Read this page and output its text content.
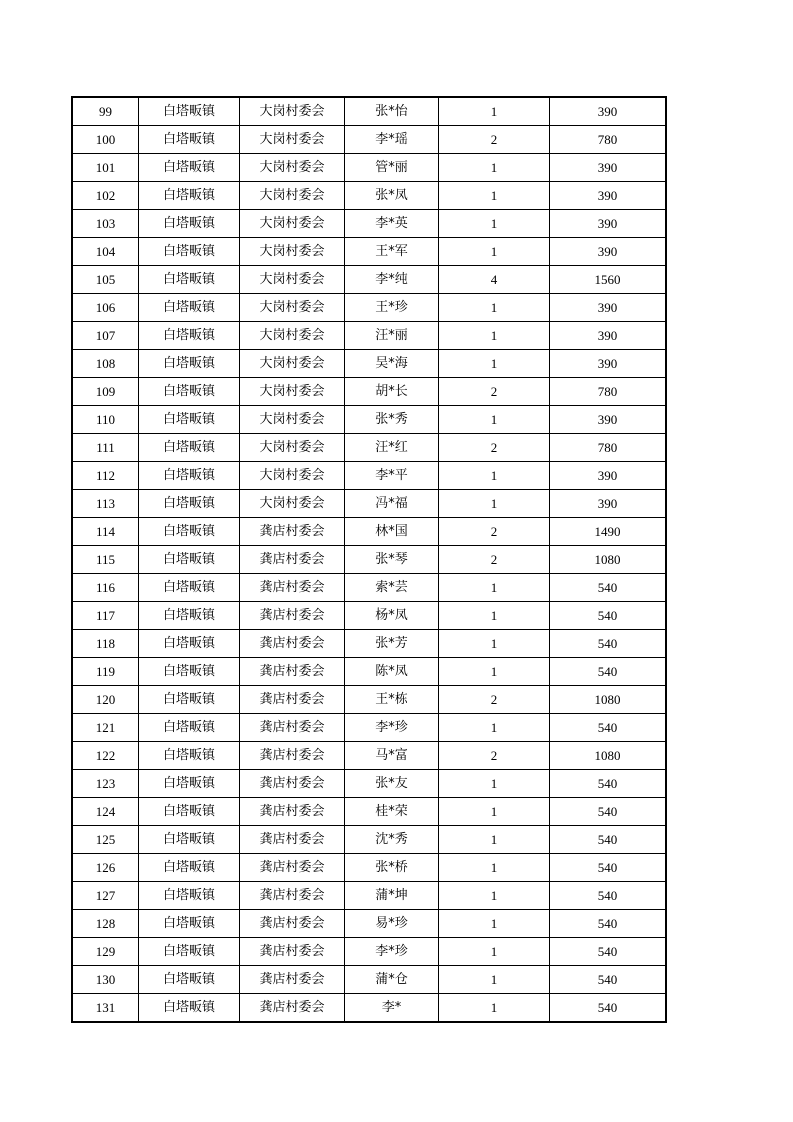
99	白塔畈镇	大岗村委会	张*怡	1	390
100	白塔畈镇	大岗村委会	李*瑶	2	780
101	白塔畈镇	大岗村委会	管*丽	1	390
102	白塔畈镇	大岗村委会	张*凤	1	390
103	白塔畈镇	大岗村委会	李*英	1	390
104	白塔畈镇	大岗村委会	王*军	1	390
105	白塔畈镇	大岗村委会	李*纯	4	1560
106	白塔畈镇	大岗村委会	王*珍	1	390
107	白塔畈镇	大岗村委会	汪*丽	1	390
108	白塔畈镇	大岗村委会	吴*海	1	390
109	白塔畈镇	大岗村委会	胡*长	2	780
110	白塔畈镇	大岗村委会	张*秀	1	390
111	白塔畈镇	大岗村委会	汪*红	2	780
112	白塔畈镇	大岗村委会	李*平	1	390
113	白塔畈镇	大岗村委会	冯*福	1	390
114	白塔畈镇	龚店村委会	林*国	2	1490
115	白塔畈镇	龚店村委会	张*琴	2	1080
116	白塔畈镇	龚店村委会	索*芸	1	540
117	白塔畈镇	龚店村委会	杨*凤	1	540
118	白塔畈镇	龚店村委会	张*芳	1	540
119	白塔畈镇	龚店村委会	陈*凤	1	540
120	白塔畈镇	龚店村委会	王*栋	2	1080
121	白塔畈镇	龚店村委会	李*珍	1	540
122	白塔畈镇	龚店村委会	马*富	2	1080
123	白塔畈镇	龚店村委会	张*友	1	540
124	白塔畈镇	龚店村委会	桂*荣	1	540
125	白塔畈镇	龚店村委会	沈*秀	1	540
126	白塔畈镇	龚店村委会	张*桥	1	540
127	白塔畈镇	龚店村委会	蒲*坤	1	540
128	白塔畈镇	龚店村委会	易*珍	1	540
129	白塔畈镇	龚店村委会	李*珍	1	540
130	白塔畈镇	龚店村委会	蒲*仓	1	540
131	白塔畈镇	龚店村委会	李*	1	540
